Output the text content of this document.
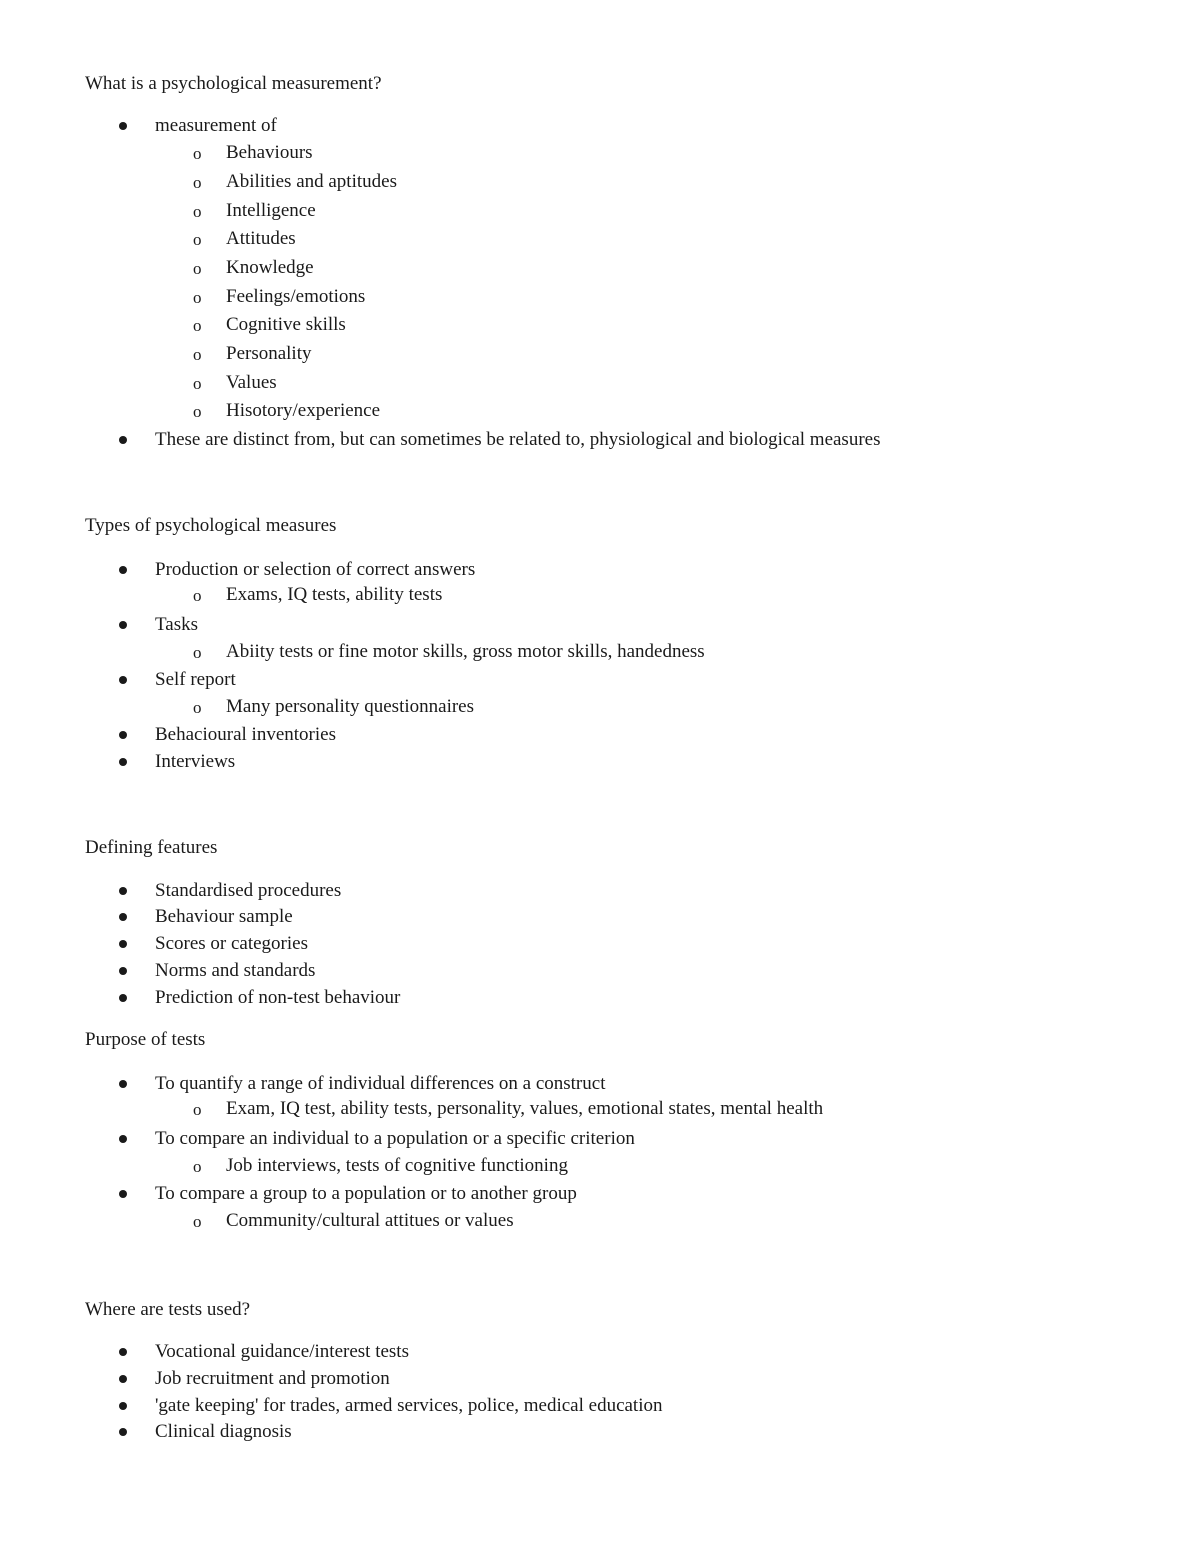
What is a psychological measurement?
measurement of
o Behaviours
o Abilities and aptitudes
o Intelligence
o Attitudes
o Knowledge
o Feelings/emotions
o Cognitive skills
o Personality
o Values
o Hisotory/experience
These are distinct from, but can sometimes be related to, physiological and biological measures
Types of psychological measures
Production or selection of correct answers
o Exams, IQ tests, ability tests
Tasks
o Abiity tests or fine motor skills, gross motor skills, handedness
Self report
o Many personality questionnaires
Behacioural inventories
Interviews
Defining features
Standardised procedures
Behaviour sample
Scores or categories
Norms and standards
Prediction of non-test behaviour
Purpose of tests
To quantify a range of individual differences on a construct
o Exam, IQ test, ability tests, personality, values, emotional states, mental health
To compare an individual to a population or a specific criterion
o Job interviews, tests of cognitive functioning
To compare a group to a population or to another group
o Community/cultural attitues or values
Where are tests used?
Vocational guidance/interest tests
Job recruitment and promotion
'gate keeping' for trades, armed services, police, medical education
Clinical diagnosis
